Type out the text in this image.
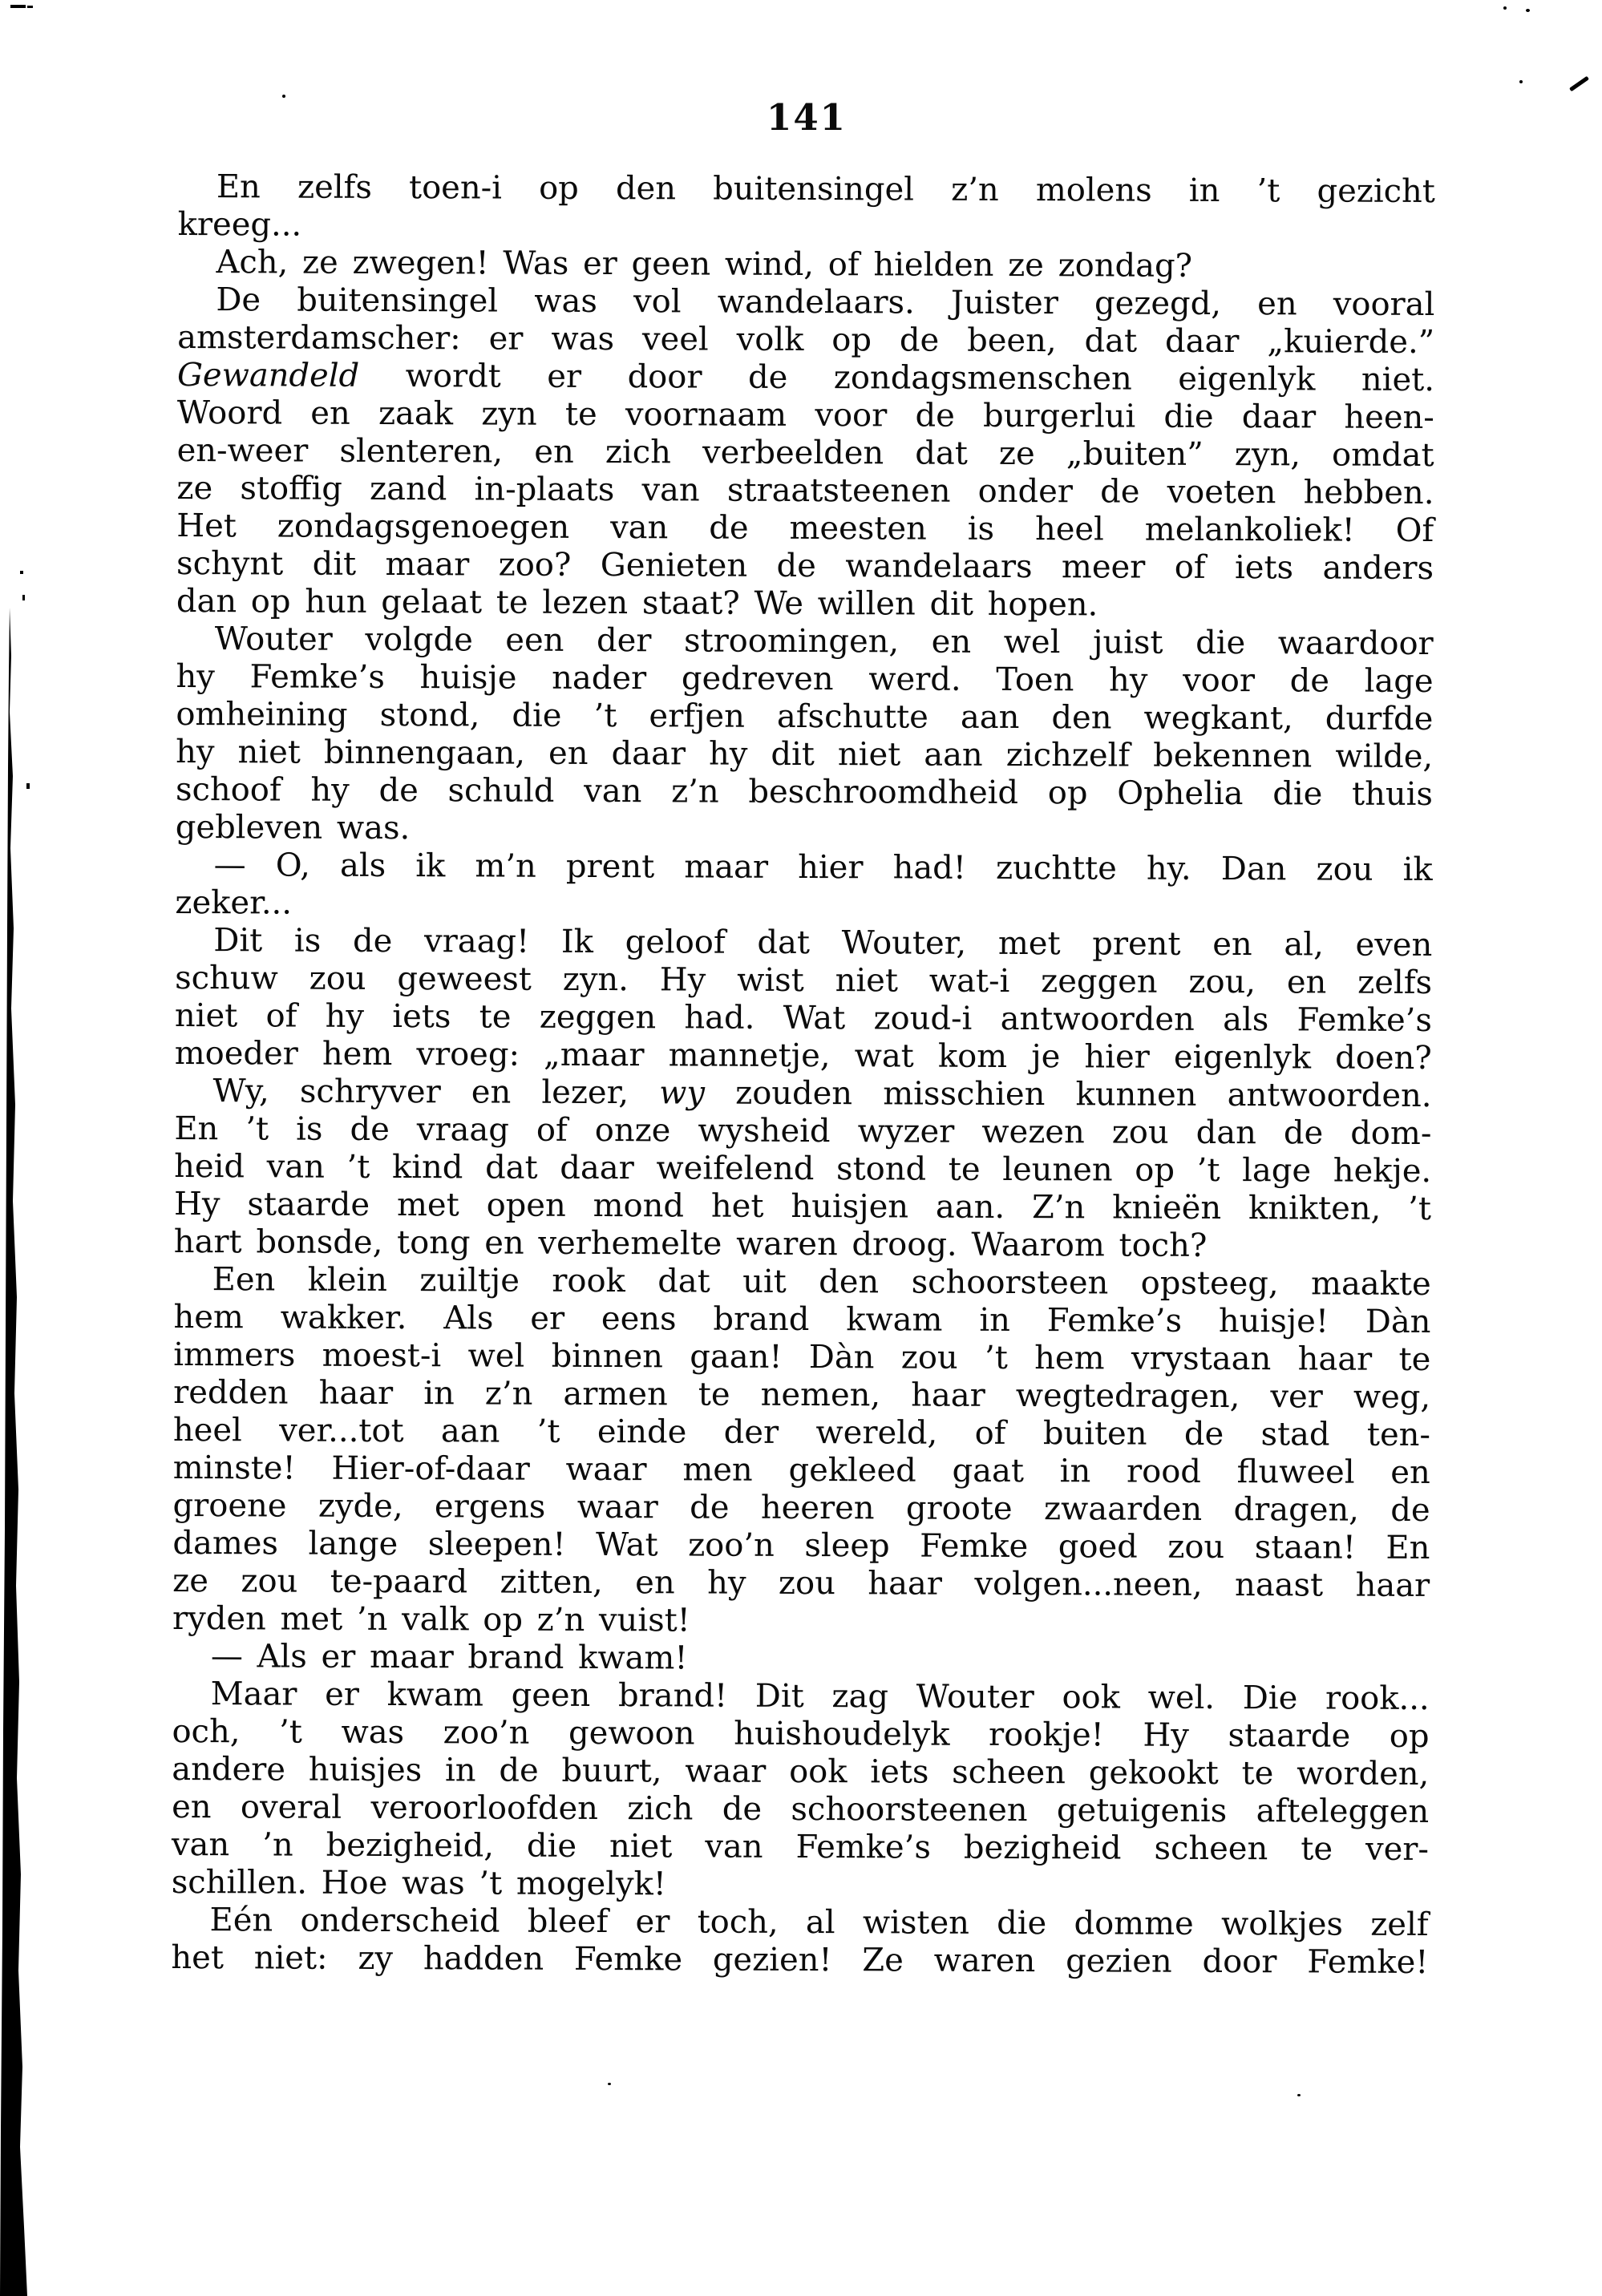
141
En zelfs toen-i op den buitensingel z’n molens in ’t gezicht
kreeg...
Ach, ze zwegen! Was er geen wind, of hielden ze zondag?
De buitensingel was vol wandelaars. Juister gezegd, en vooral
amsterdamscher: er was veel volk op de been, dat daar „kuierde.”
Gewandeld wordt er door de zondagsmenschen eigenlyk niet.
Woord en zaak zyn te voornaam voor de burgerlui die daar heen-
en-weer slenteren, en zich verbeelden dat ze „buiten” zyn, omdat
ze stoffig zand in-plaats van straatsteenen onder de voeten hebben.
Het zondagsgenoegen van de meesten is heel melankoliek! Of
schynt dit maar zoo? Genieten de wandelaars meer of iets anders
dan op hun gelaat te lezen staat? We willen dit hopen.
Wouter volgde een der stroomingen, en wel juist die waardoor
hy Femke’s huisje nader gedreven werd. Toen hy voor de lage
omheining stond, die ’t erfjen afschutte aan den wegkant, durfde
hy niet binnengaan, en daar hy dit niet aan zichzelf bekennen wilde,
schoof hy de schuld van z’n beschroomdheid op Ophelia die thuis
gebleven was.
— O, als ik m’n prent maar hier had! zuchtte hy. Dan zou ik
zeker...
Dit is de vraag! Ik geloof dat Wouter, met prent en al, even
schuw zou geweest zyn. Hy wist niet wat-i zeggen zou, en zelfs
niet of hy iets te zeggen had. Wat zoud-i antwoorden als Femke’s
moeder hem vroeg: „maar mannetje, wat kom je hier eigenlyk doen?
Wy, schryver en lezer, wy zouden misschien kunnen antwoorden.
En ’t is de vraag of onze wysheid wyzer wezen zou dan de dom-
heid van ’t kind dat daar weifelend stond te leunen op ’t lage hekje.
Hy staarde met open mond het huisjen aan. Z’n knieën knikten, ’t
hart bonsde, tong en verhemelte waren droog. Waarom toch?
Een klein zuiltje rook dat uit den schoorsteen opsteeg, maakte
hem wakker. Als er eens brand kwam in Femke’s huisje! Dàn
immers moest-i wel binnen gaan! Dàn zou ’t hem vrystaan haar te
redden haar in z’n armen te nemen, haar wegtedragen, ver weg,
heel ver...tot aan ’t einde der wereld, of buiten de stad ten-
minste! Hier-of-daar waar men gekleed gaat in rood fluweel en
groene zyde, ergens waar de heeren groote zwaarden dragen, de
dames lange sleepen! Wat zoo’n sleep Femke goed zou staan! En
ze zou te-paard zitten, en hy zou haar volgen...neen, naast haar
ryden met ’n valk op z’n vuist!
— Als er maar brand kwam!
Maar er kwam geen brand! Dit zag Wouter ook wel. Die rook...
och, ’t was zoo’n gewoon huishoudelyk rookje! Hy staarde op
andere huisjes in de buurt, waar ook iets scheen gekookt te worden,
en overal veroorloofden zich de schoorsteenen getuigenis afteleggen
van ’n bezigheid, die niet van Femke’s bezigheid scheen te ver-
schillen. Hoe was ’t mogelyk!
Eén onderscheid bleef er toch, al wisten die domme wolkjes zelf
het niet: zy hadden Femke gezien! Ze waren gezien door Femke!
